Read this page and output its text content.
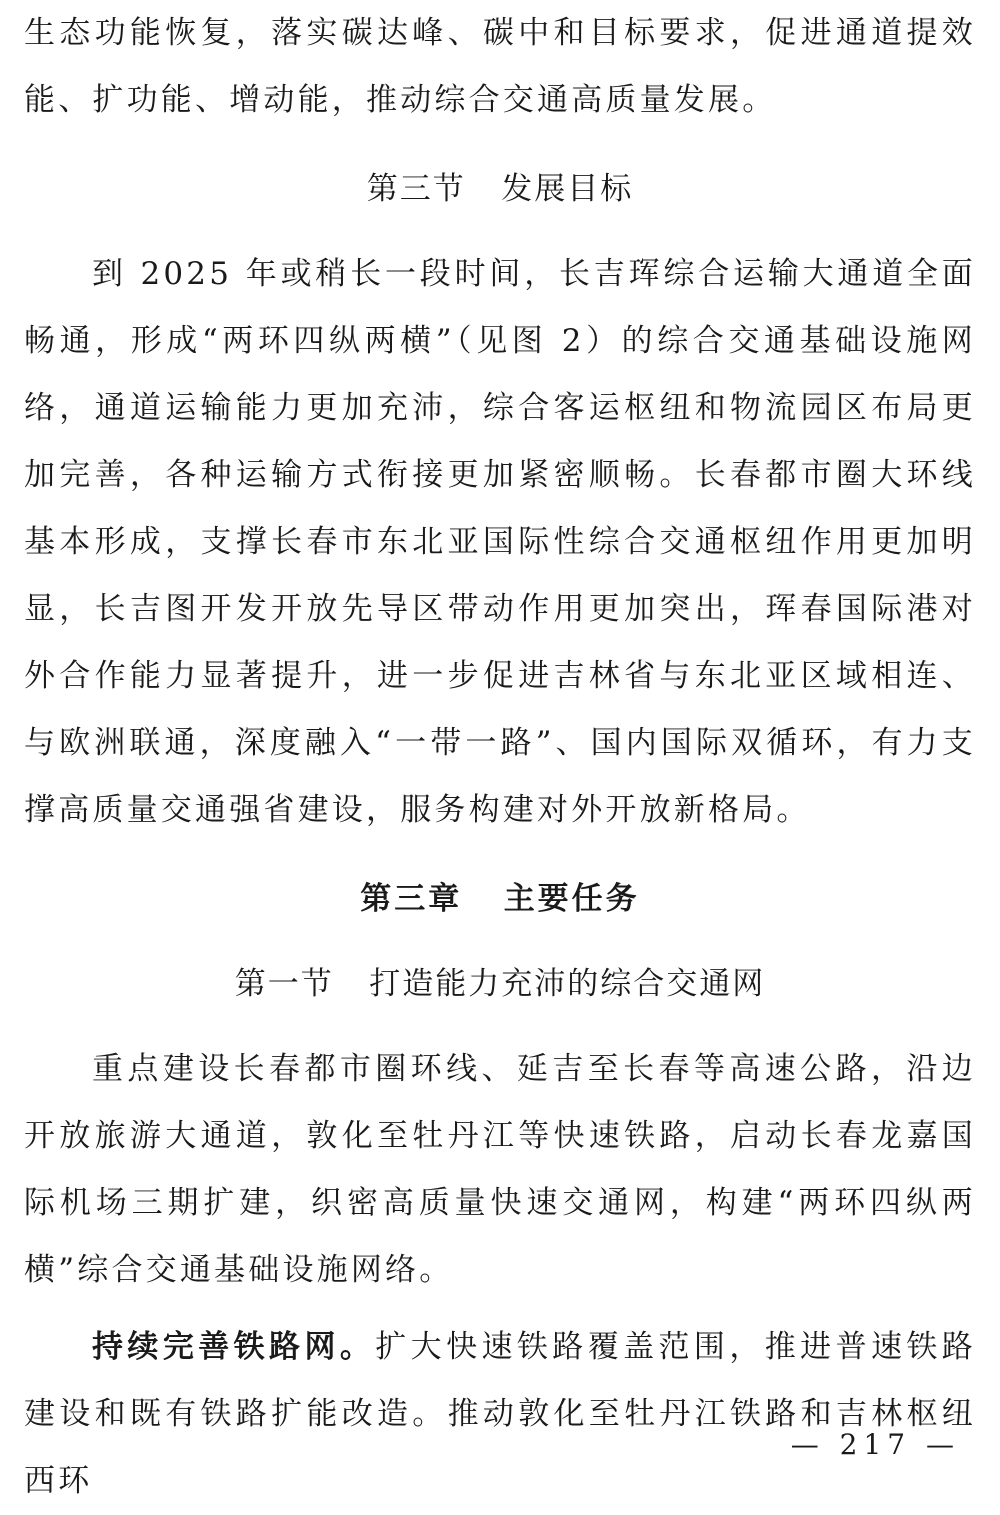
生态功能恢复，落实碳达峰、碳中和目标要求，促进通道提效能、扩功能、增动能，推动综合交通高质量发展。

第三节 发展目标

到 2025 年或稍长一段时间，长吉珲综合运输大通道全面畅通，形成“两环四纵两横”（见图 2）的综合交通基础设施网络，通道运输能力更加充沛，综合客运枢纽和物流园区布局更加完善，各种运输方式衔接更加紧密顺畅。长春都市圈大环线基本形成，支撑长春市东北亚国际性综合交通枢纽作用更加明显，长吉图开发开放先导区带动作用更加突出，珲春国际港对外合作能力显著提升，进一步促进吉林省与东北亚区域相连、与欧洲联通，深度融入“一带一路”、国内国际双循环，有力支撑高质量交通强省建设，服务构建对外开放新格局。

第三章 主要任务

第一节 打造能力充沛的综合交通网

重点建设长春都市圈环线、延吉至长春等高速公路，沿边开放旅游大通道，敦化至牡丹江等快速铁路，启动长春龙嘉国际机场三期扩建，织密高质量快速交通网，构建“两环四纵两横”综合交通基础设施网络。

持续完善铁路网。扩大快速铁路覆盖范围，推进普速铁路建设和既有铁路扩能改造。推动敦化至牡丹江铁路和吉林枢纽西环

— 217 —
